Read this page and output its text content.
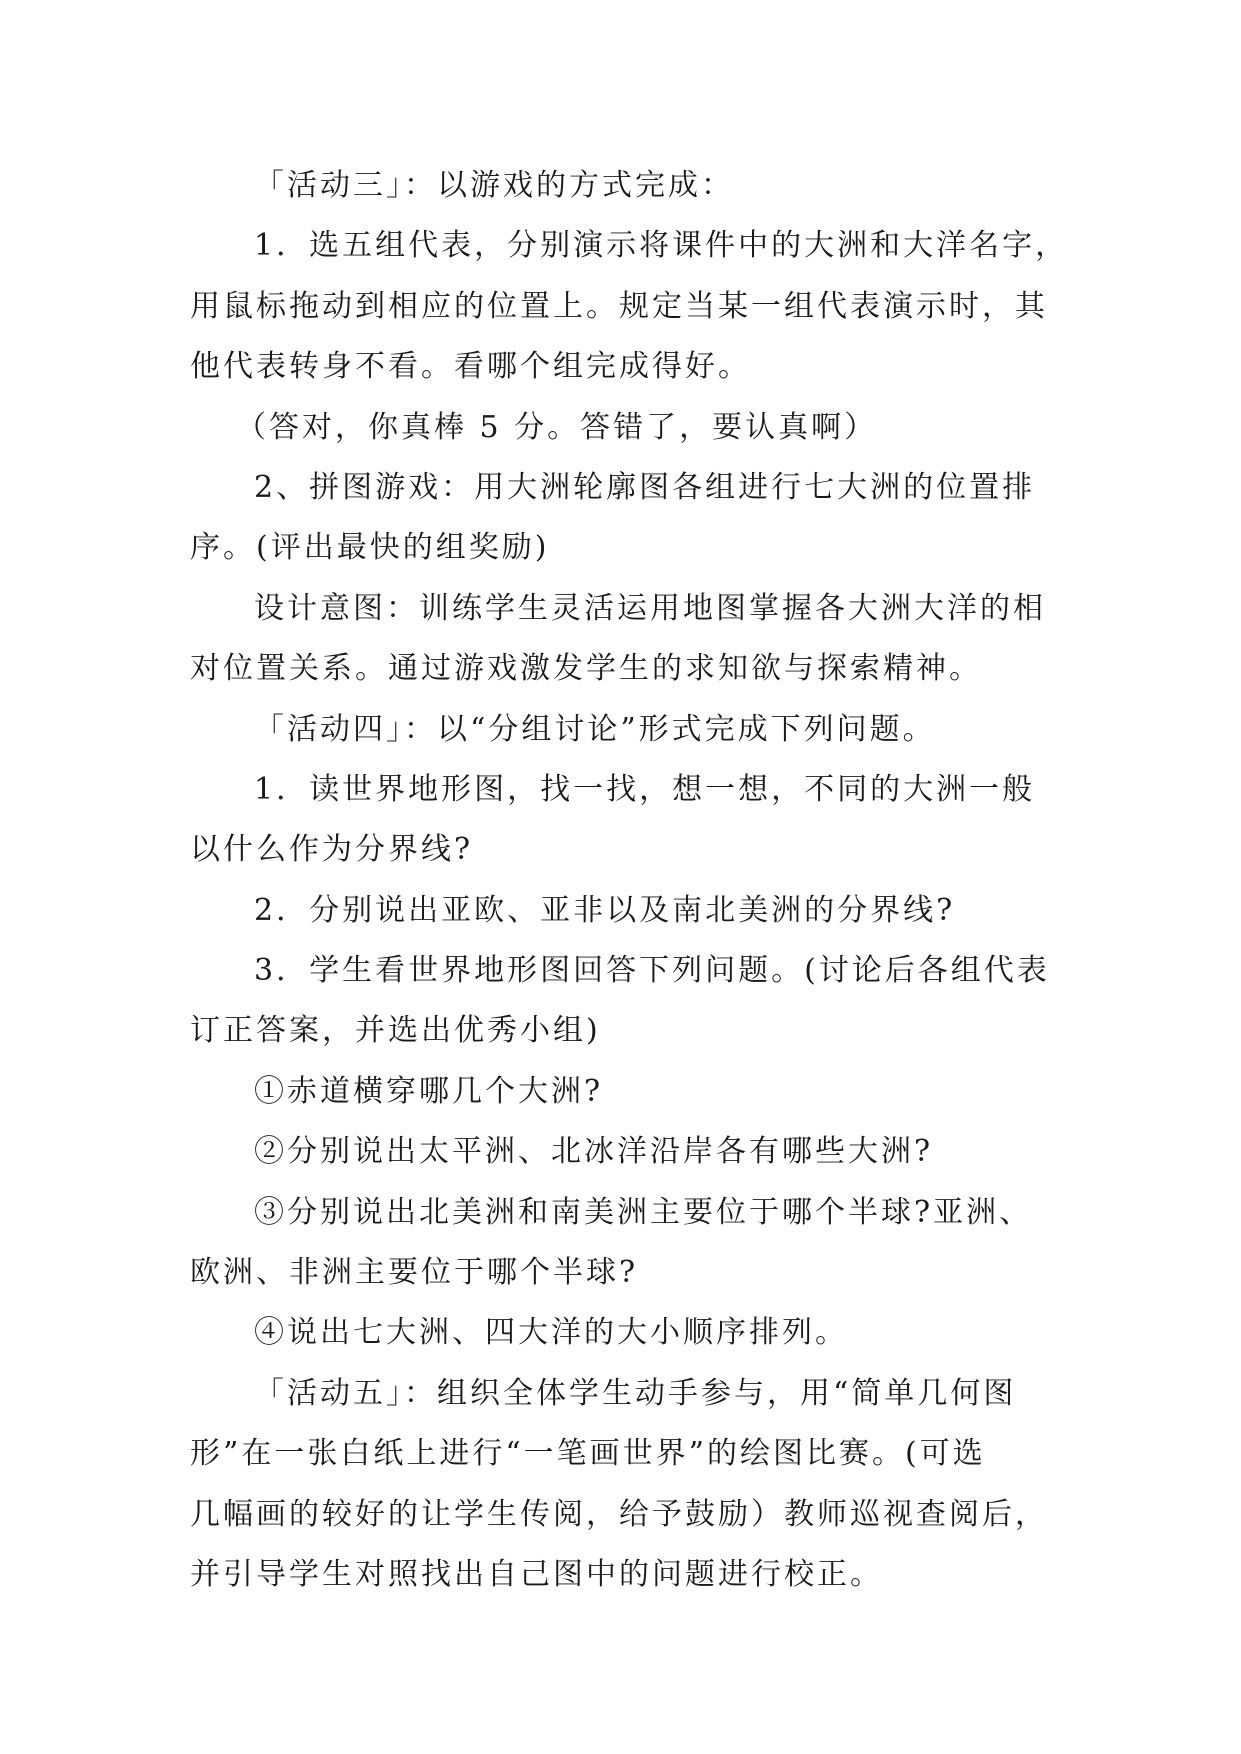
「活动三」：以游戏的方式完成：
1．选五组代表，分别演示将课件中的大洲和大洋名字，
用鼠标拖动到相应的位置上。规定当某一组代表演示时，其
他代表转身不看。看哪个组完成得好。
（答对，你真棒 5 分。答错了，要认真啊）
2、拼图游戏：用大洲轮廓图各组进行七大洲的位置排
序。(评出最快的组奖励)
设计意图：训练学生灵活运用地图掌握各大洲大洋的相
对位置关系。通过游戏激发学生的求知欲与探索精神。
「活动四」：以“分组讨论”形式完成下列问题。
1．读世界地形图，找一找，想一想，不同的大洲一般
以什么作为分界线?
2．分别说出亚欧、亚非以及南北美洲的分界线?
3．学生看世界地形图回答下列问题。(讨论后各组代表
订正答案，并选出优秀小组)
①赤道横穿哪几个大洲?
②分别说出太平洲、北冰洋沿岸各有哪些大洲?
③分别说出北美洲和南美洲主要位于哪个半球?亚洲、
欧洲、非洲主要位于哪个半球?
④说出七大洲、四大洋的大小顺序排列。
「活动五」：组织全体学生动手参与，用“简单几何图
形”在一张白纸上进行“一笔画世界”的绘图比赛。(可选
几幅画的较好的让学生传阅，给予鼓励）教师巡视查阅后，
并引导学生对照找出自己图中的问题进行校正。
